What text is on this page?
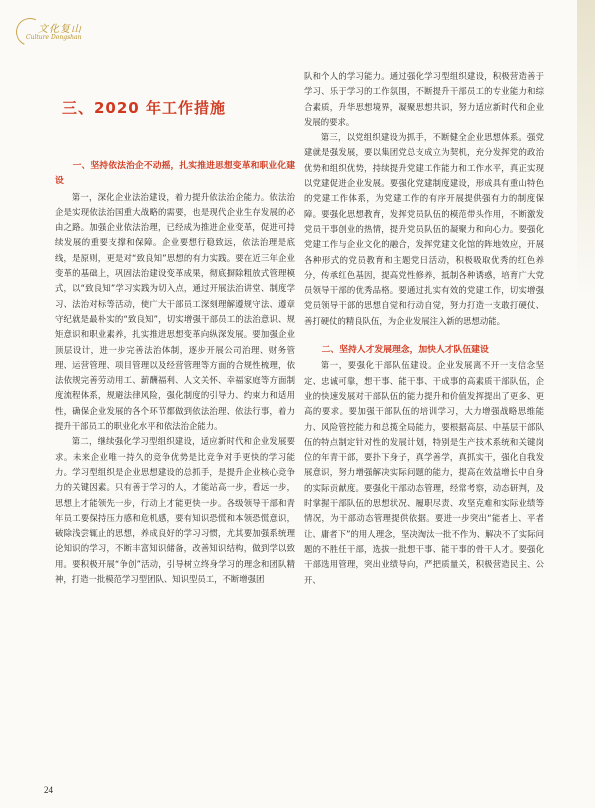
文化复山
Culture Dongshan
三、2020 年工作措施

一、坚持依法治企不动摇，扎实推进思想变革和职业化建设

第一，深化企业法治建设，着力提升依法治企能力。依法治企是实现依法治国重大战略的需要，也是现代企业生存发展的必由之路。加强企业依法治理，已经成为推进企业变革，促进可持续发展的重要支撑和保障。企业要想行稳致远，依法治理是底线，是原则，更是对“致良知”思想的有力实践。要在近三年企业变革的基础上，巩固法治建设变革成果，彻底摒除粗放式管理模式，以“致良知”学习实践为切入点，通过开展法治讲堂、制度学习、法治对标等活动，使广大干部员工深刻理解遵规守法、遵章守纪就是最朴实的“致良知”，切实增强干部员工的法治意识、规矩意识和职业素养，扎实推进思想变革向纵深发展。要加强企业顶层设计，进一步完善法治体制，逐步开展公司治理、财务管理、运营管理、项目管理以及经营管理等方面的合规性梳理，依法依规完善劳动用工、薪酬福利、人文关怀、幸福家庭等方面制度流程体系，规避法律风险，强化制度的引导力、约束力和适用性，确保企业发展的各个环节都做到依法治理、依法行事，着力提升干部员工的职业化水平和依法治企能力。

第二，继续强化学习型组织建设，适应新时代和企业发展要求。未来企业唯一持久的竞争优势是比竞争对手更快的学习能力。学习型组织是企业思想建设的总抓手，是提升企业核心竞争力的关键因素。只有善于学习的人，才能站高一步，看远一步，思想上才能领先一步，行动上才能更快一步。各级领导干部和青年员工要保持压力感和危机感，要有知识恐慌和本领恐慌意识，破除浅尝辄止的思想，养成良好的学习习惯，尤其要加强系统理论知识的学习，不断丰富知识储备，改善知识结构，做到学以致用。要积极开展“争创”活动，引导树立终身学习的理念和团队精神，打造一批模范学习型团队、知识型员工，不断增强团

队和个人的学习能力。通过强化学习型组织建设，积极营造善于学习、乐于学习的工作氛围，不断提升干部员工的专业能力和综合素质，升华思想境界，凝聚思想共识，努力适应新时代和企业发展的要求。

第三，以党组织建设为抓手，不断健全企业思想体系。强党建就是强发展，要以集团党总支成立为契机，充分发挥党的政治优势和组织优势，持续提升党建工作能力和工作水平，真正实现以党建促进企业发展。要强化党建制度建设，形成具有重山特色的党建工作体系，为党建工作的有序开展提供强有力的制度保障。要强化思想教育，发挥党员队伍的模范带头作用，不断激发党员干事创业的热情，提升党员队伍的凝聚力和向心力。要强化党建工作与企业文化的融合，发挥党建文化馆的阵地效应，开展各种形式的党员教育和主题党日活动，积极吸取优秀的红色养分，传承红色基因，提高党性修养，抵制各种诱惑，培育广大党员领导干部的优秀品格。要通过扎实有效的党建工作，切实增强党员领导干部的思想自觉和行动自觉，努力打造一支敢打硬仗、善打硬仗的精良队伍，为企业发展注入新的思想动能。

二、坚持人才发展理念，加快人才队伍建设

第一，要强化干部队伍建设。企业发展离不开一支信念坚定、忠诚可靠，想干事、能干事、干成事的高素质干部队伍，企业的快速发展对干部队伍的能力提升和价值发挥提出了更多、更高的要求。要加强干部队伍的培训学习，大力增强战略思维能力、风险管控能力和总揽全局能力，要根据高层、中基层干部队伍的特点制定针对性的发展计划，特别是生产技术系统和关键岗位的年青干部，要扑下身子，真学善学，真抓实干，强化自我发展意识，努力增强解决实际问题的能力，提高在效益增长中自身的实际贡献度。要强化干部动态管理，经常考察，动态研判，及时掌握干部队伍的思想状况、履职尽责、攻坚克难和实际业绩等情况，为干部动态管理提供依据。要进一步突出“能者上、平者让、庸者下”的用人理念，坚决淘汰一批不作为、解决不了实际问题的不胜任干部，选拔一批想干事、能干事的骨干人才。要强化干部选用管理，突出业绩导向，严把质量关，积极营造民主、公开、

24
